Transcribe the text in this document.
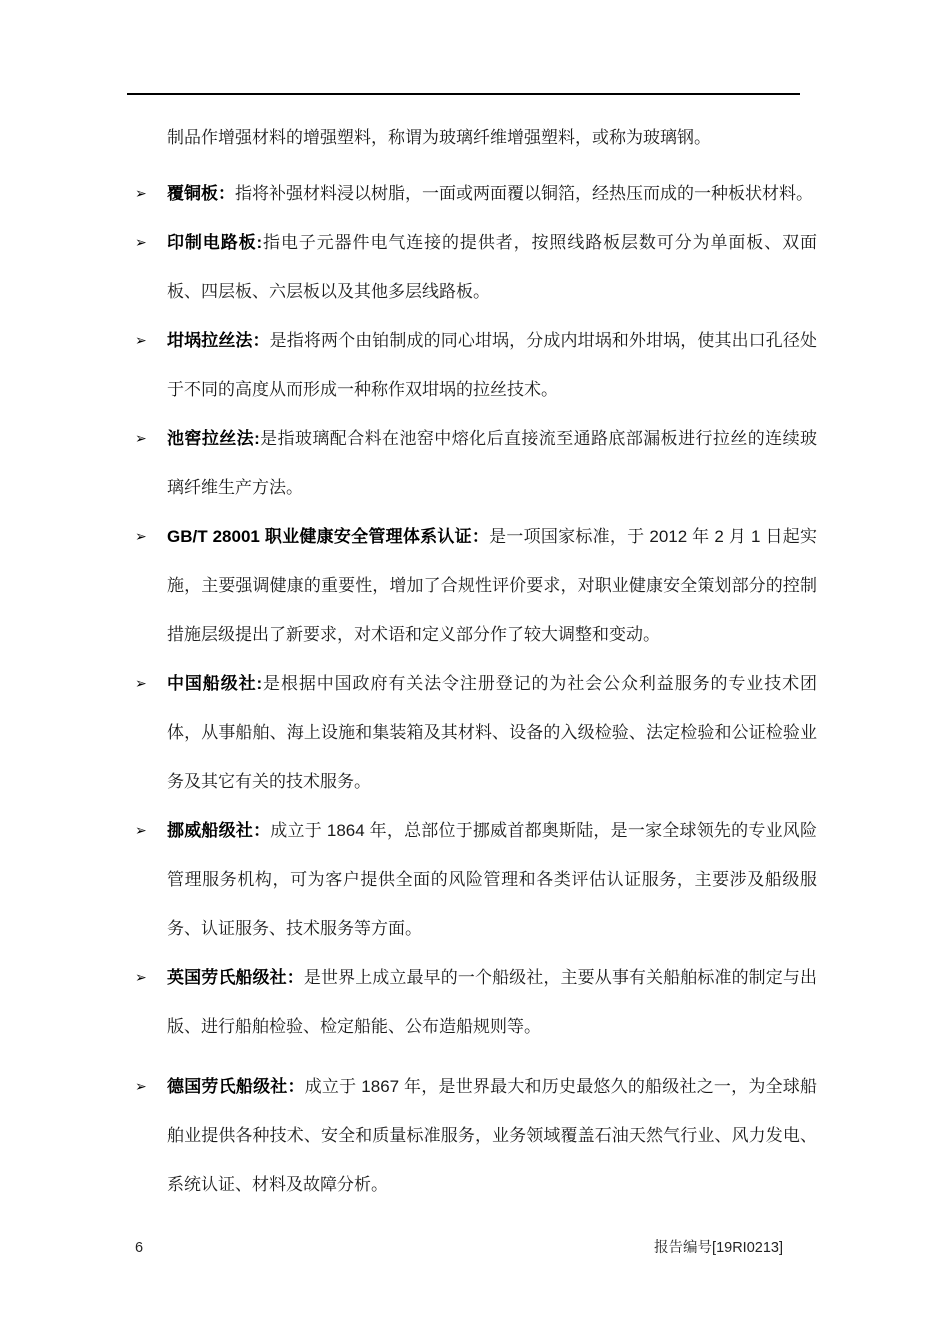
制品作增强材料的增强塑料，称谓为玻璃纤维增强塑料，或称为玻璃钢。

➢ 覆铜板：指将补强材料浸以树脂，一面或两面覆以铜箔，经热压而成的一种板状材料。
➢ 印制电路板:指电子元器件电气连接的提供者，按照线路板层数可分为单面板、双面板、四层板、六层板以及其他多层线路板。
➢ 坩埚拉丝法：是指将两个由铂制成的同心坩埚，分成内坩埚和外坩埚，使其出口孔径处于不同的高度从而形成一种称作双坩埚的拉丝技术。
➢ 池窖拉丝法:是指玻璃配合料在池窑中熔化后直接流至通路底部漏板进行拉丝的连续玻璃纤维生产方法。
➢ GB/T 28001 职业健康安全管理体系认证：是一项国家标准，于 2012 年 2 月 1 日起实施，主要强调健康的重要性，增加了合规性评价要求，对职业健康安全策划部分的控制措施层级提出了新要求，对术语和定义部分作了较大调整和变动。
➢ 中国船级社:是根据中国政府有关法令注册登记的为社会公众利益服务的专业技术团体，从事船舶、海上设施和集装箱及其材料、设备的入级检验、法定检验和公证检验业务及其它有关的技术服务。
➢ 挪威船级社：成立于 1864 年，总部位于挪威首都奥斯陆，是一家全球领先的专业风险管理服务机构，可为客户提供全面的风险管理和各类评估认证服务，主要涉及船级服务、认证服务、技术服务等方面。
➢ 英国劳氏船级社：是世界上成立最早的一个船级社，主要从事有关船舶标准的制定与出版、进行船舶检验、检定船能、公布造船规则等。
➢ 德国劳氏船级社：成立于 1867 年，是世界最大和历史最悠久的船级社之一，为全球船舶业提供各种技术、安全和质量标准服务，业务领域覆盖石油天然气行业、风力发电、系统认证、材料及故障分析。
6	报告编号[19RI0213]
